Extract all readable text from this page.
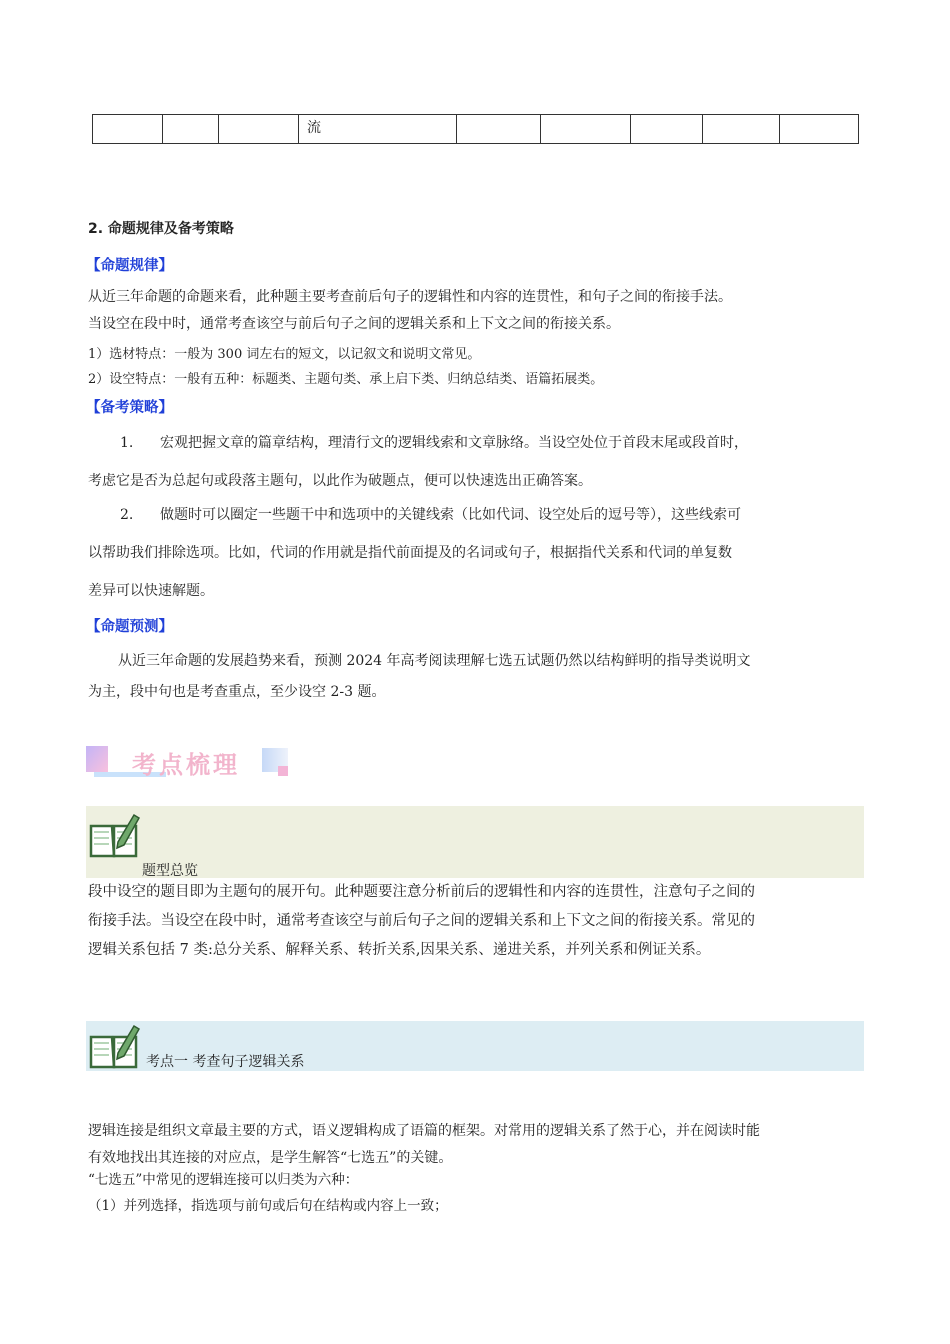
			流					
2. 命题规律及备考策略
【命题规律】
从近三年命题的命题来看，此种题主要考查前后句子的逻辑性和内容的连贯性，和句子之间的衔接手法。
当设空在段中时，通常考查该空与前后句子之间的逻辑关系和上下文之间的衔接关系。
1）选材特点：一般为 300 词左右的短文，以记叙文和说明文常见。
2）设空特点：一般有五种：标题类、主题句类、承上启下类、归纳总结类、语篇拓展类。
【备考策略】
1. 宏观把握文章的篇章结构，理清行文的逻辑线索和文章脉络。当设空处位于首段末尾或段首时，
考虑它是否为总起句或段落主题句，以此作为破题点，便可以快速选出正确答案。
2. 做题时可以圈定一些题干中和选项中的关键线索（比如代词、设空处后的逗号等），这些线索可
以帮助我们排除选项。比如，代词的作用就是指代前面提及的名词或句子，根据指代关系和代词的单复数
差异可以快速解题。
【命题预测】
从近三年命题的发展趋势来看，预测 2024 年高考阅读理解七选五试题仍然以结构鲜明的指导类说明文
为主，段中句也是考查重点，至少设空 2-3 题。
考点梳理
题型总览
段中设空的题目即为主题句的展开句。此种题要注意分析前后的逻辑性和内容的连贯性，注意句子之间的
衔接手法。当设空在段中时，通常考查该空与前后句子之间的逻辑关系和上下文之间的衔接关系。常见的
逻辑关系包括 7 类:总分关系、解释关系、转折关系,因果关系、递进关系，并列关系和例证关系。
考点一 考查句子逻辑关系
逻辑连接是组织文章最主要的方式，语义逻辑构成了语篇的框架。对常用的逻辑关系了然于心，并在阅读时能
有效地找出其连接的对应点，是学生解答“七选五”的关键。
“七选五”中常见的逻辑连接可以归类为六种：
（1）并列选择，指选项与前句或后句在结构或内容上一致；
